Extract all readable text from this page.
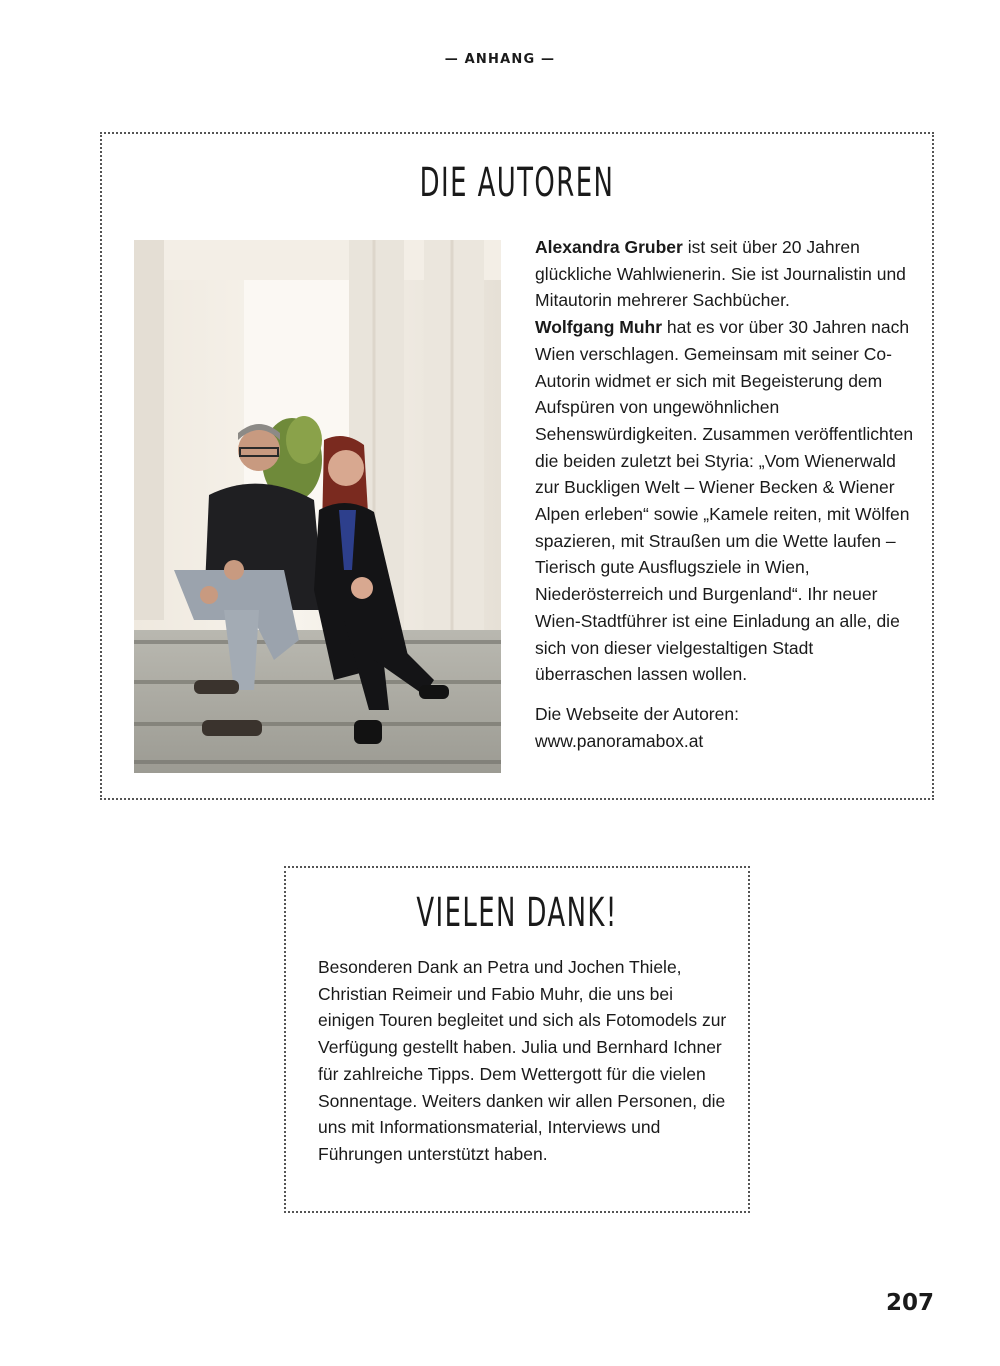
— ANHANG —
DIE AUTOREN

Alexandra Gruber ist seit über 20 Jahren glückliche Wahlwienerin. Sie ist Journalistin und Mitautorin mehrerer Sachbücher.
Wolfgang Muhr hat es vor über 30 Jahren nach Wien verschlagen. Gemeinsam mit seiner Co-Autorin widmet er sich mit Begeisterung dem Aufspüren von ungewöhnlichen Sehenswürdigkeiten. Zusammen veröffentlichten die beiden zuletzt bei Styria: „Vom Wienerwald zur Buckligen Welt – Wiener Becken & Wiener Alpen erleben“ sowie „Kamele reiten, mit Wölfen spazieren, mit Straußen um die Wette laufen – Tierisch gute Ausflugsziele in Wien, Niederösterreich und Burgenland“. Ihr neuer Wien-Stadtführer ist eine Einladung an alle, die sich von dieser vielgestaltigen Stadt überraschen lassen wollen.

Die Webseite der Autoren:
www.panoramabox.at

VIELEN DANK!

Besonderen Dank an Petra und Jochen Thiele, Christian Reimeir und Fabio Muhr, die uns bei einigen Touren begleitet und sich als Fotomodels zur Verfügung gestellt haben. Julia und Bernhard Ichner für zahlreiche Tipps. Dem Wettergott für die vielen Sonnentage. Weiters danken wir allen Personen, die uns mit Informationsmaterial, Interviews und Führungen unterstützt haben.

207
